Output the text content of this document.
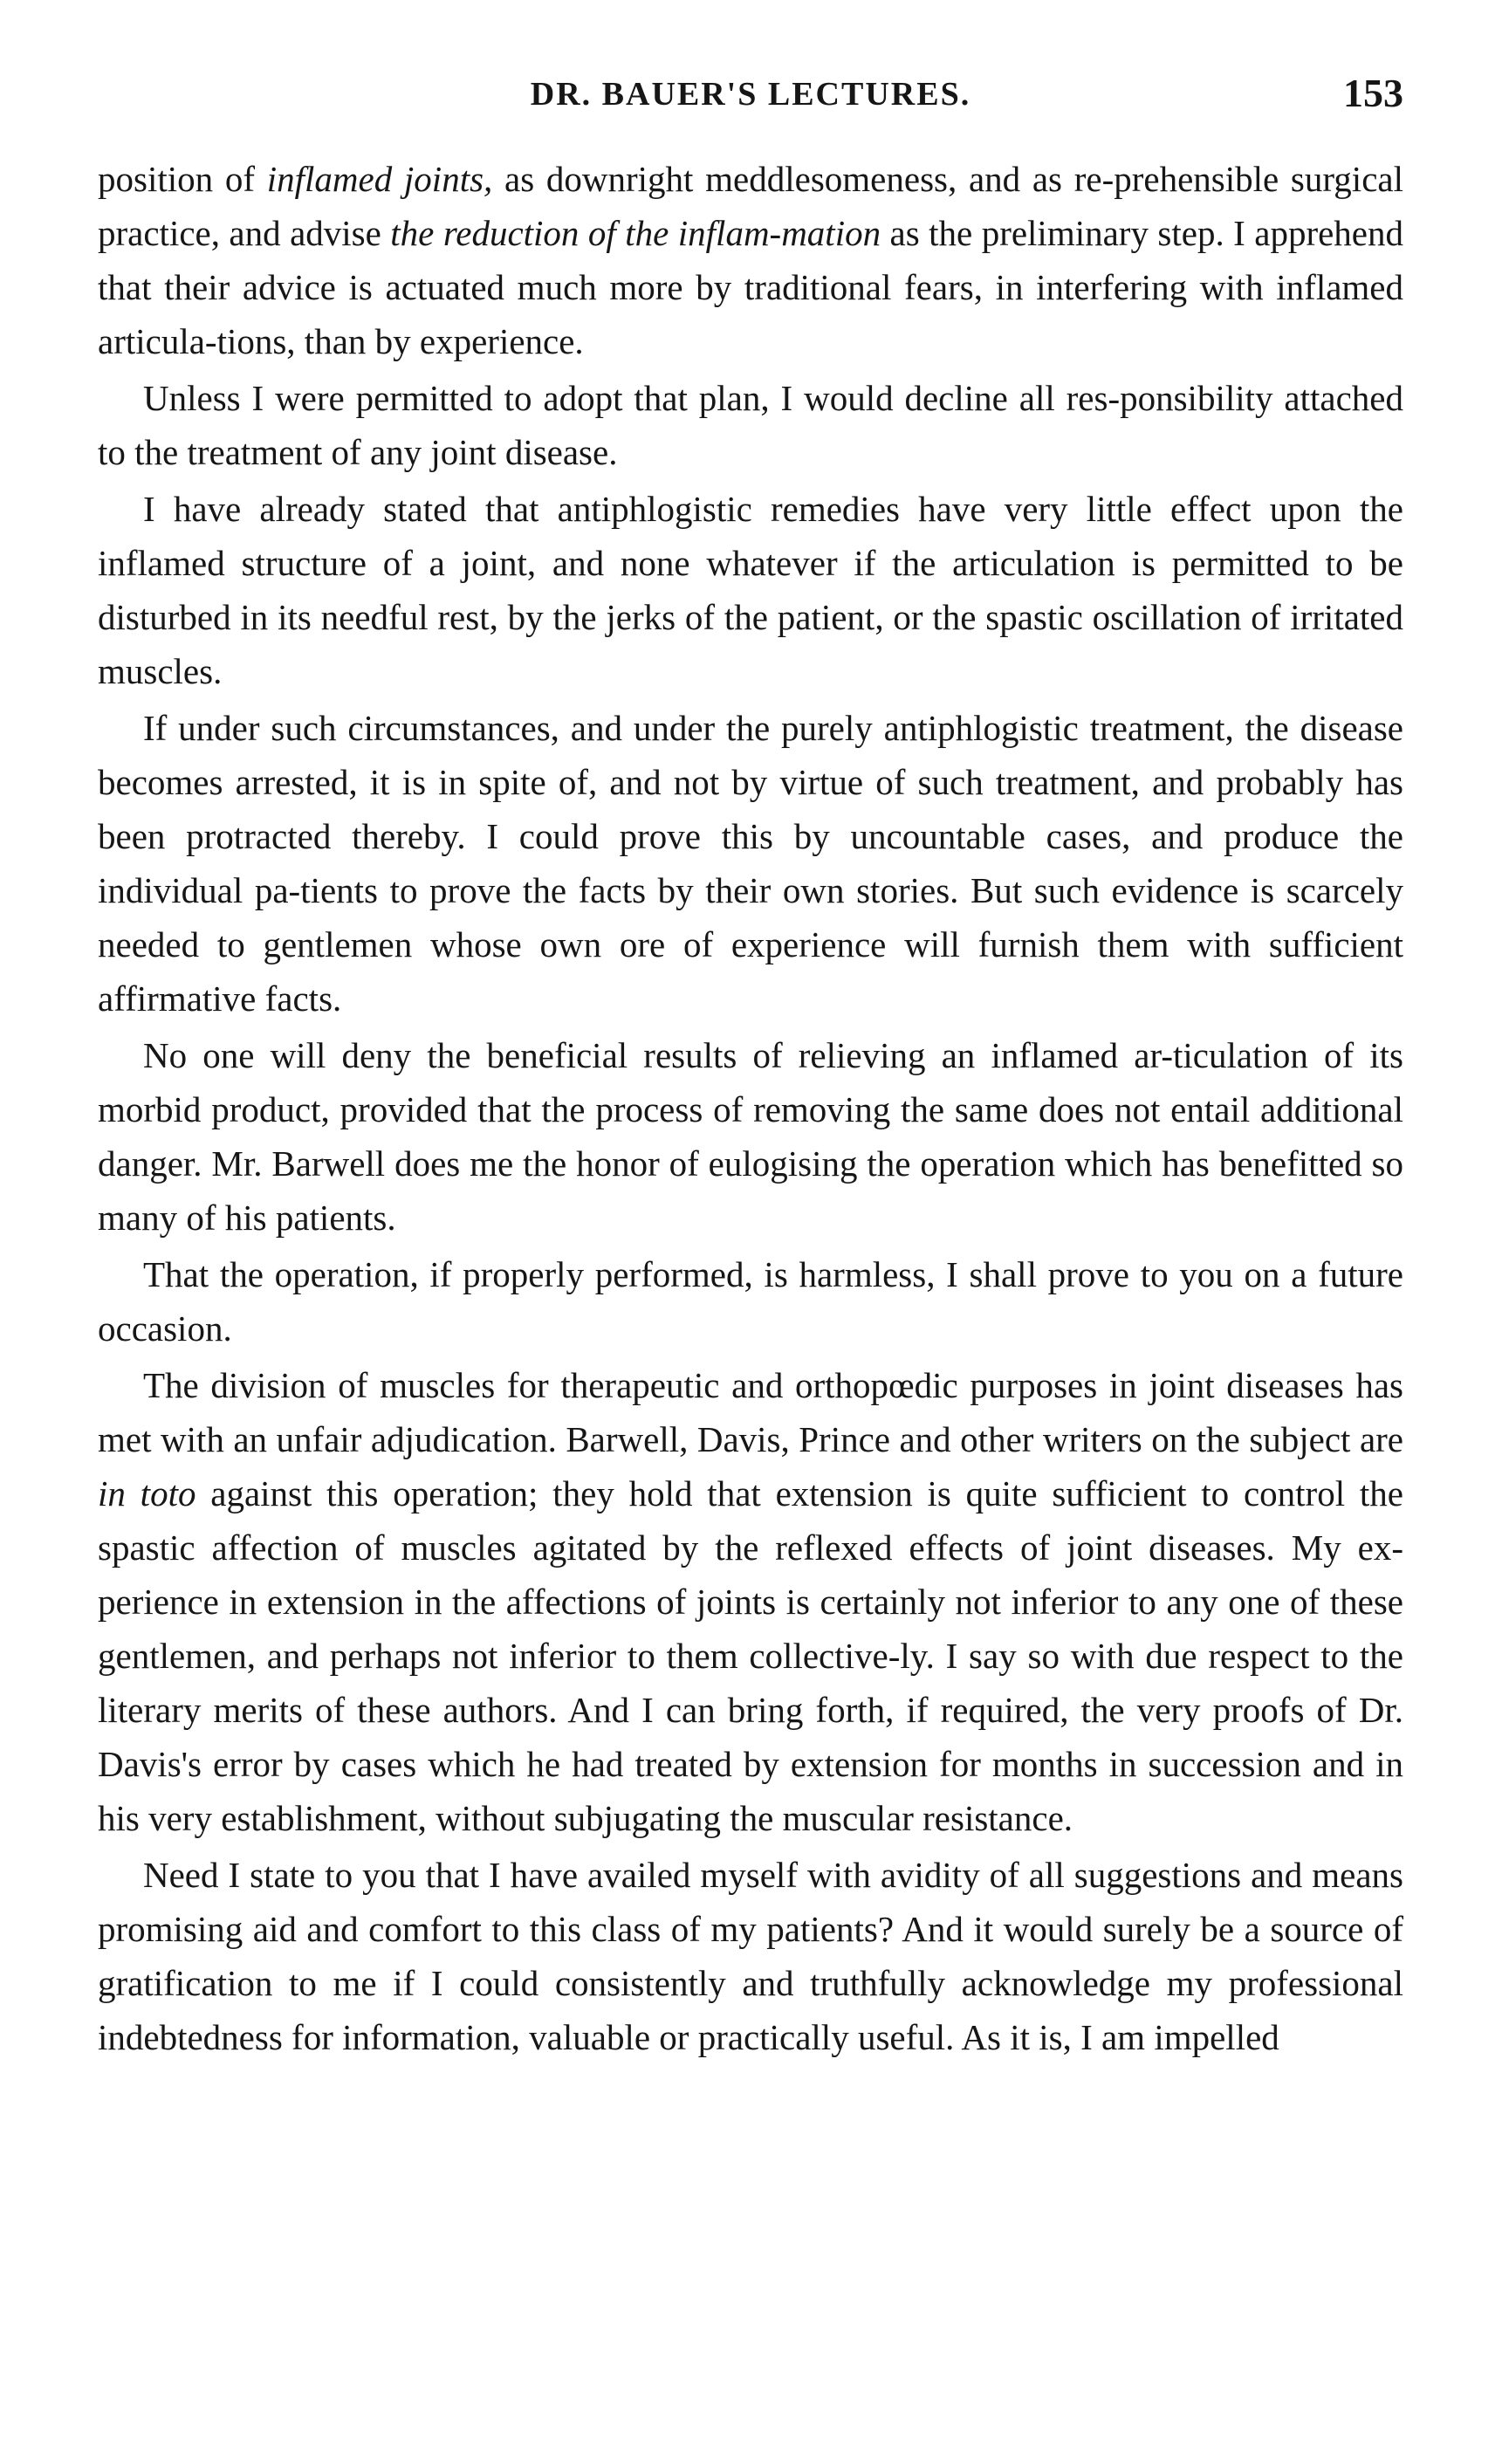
DR. BAUER'S LECTURES.	153

position of inflamed joints, as downright meddlesomeness, and as re-prehensible surgical practice, and advise the reduction of the inflam-mation as the preliminary step. I apprehend that their advice is actuated much more by traditional fears, in interfering with inflamed articula-tions, than by experience.

Unless I were permitted to adopt that plan, I would decline all res-ponsibility attached to the treatment of any joint disease.

I have already stated that antiphlogistic remedies have very little effect upon the inflamed structure of a joint, and none whatever if the articulation is permitted to be disturbed in its needful rest, by the jerks of the patient, or the spastic oscillation of irritated muscles.

If under such circumstances, and under the purely antiphlogistic treatment, the disease becomes arrested, it is in spite of, and not by virtue of such treatment, and probably has been protracted thereby. I could prove this by uncountable cases, and produce the individual pa-tients to prove the facts by their own stories. But such evidence is scarcely needed to gentlemen whose own ore of experience will furnish them with sufficient affirmative facts.

No one will deny the beneficial results of relieving an inflamed ar-ticulation of its morbid product, provided that the process of removing the same does not entail additional danger. Mr. Barwell does me the honor of eulogising the operation which has benefitted so many of his patients.

That the operation, if properly performed, is harmless, I shall prove to you on a future occasion.

The division of muscles for therapeutic and orthopœdic purposes in joint diseases has met with an unfair adjudication. Barwell, Davis, Prince and other writers on the subject are in toto against this operation; they hold that extension is quite sufficient to control the spastic affection of muscles agitated by the reflexed effects of joint diseases. My ex-perience in extension in the affections of joints is certainly not inferior to any one of these gentlemen, and perhaps not inferior to them collective-ly. I say so with due respect to the literary merits of these authors. And I can bring forth, if required, the very proofs of Dr. Davis's error by cases which he had treated by extension for months in succession and in his very establishment, without subjugating the muscular resistance.

Need I state to you that I have availed myself with avidity of all suggestions and means promising aid and comfort to this class of my patients? And it would surely be a source of gratification to me if I could consistently and truthfully acknowledge my professional indebtedness for information, valuable or practically useful. As it is, I am impelled
